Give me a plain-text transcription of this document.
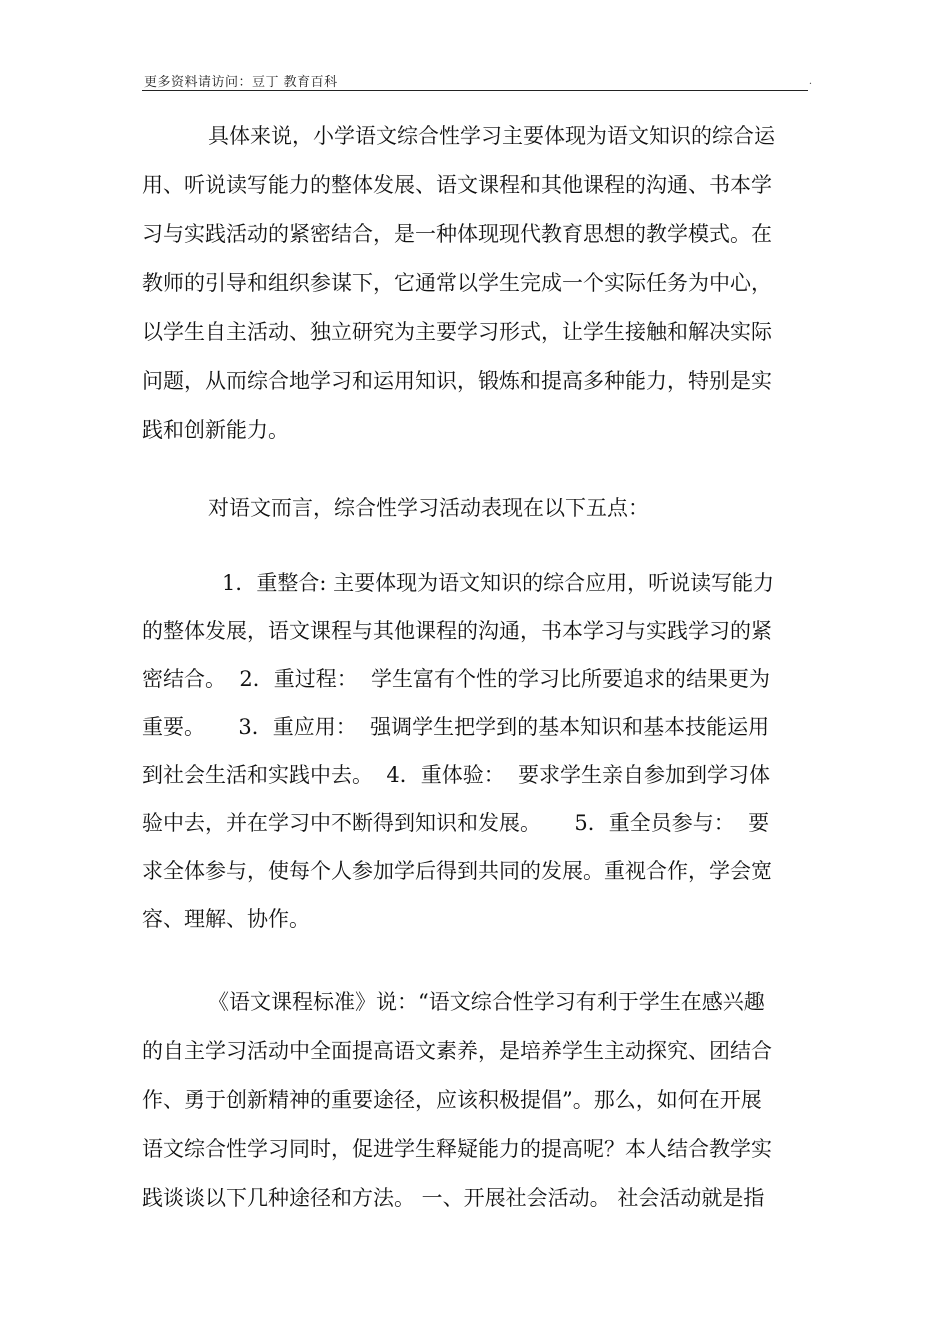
更多资料请访问：豆丁 教育百科	.
具体来说，小学语文综合性学习主要体现为语文知识的综合运
用、听说读写能力的整体发展、语文课程和其他课程的沟通、书本学
习与实践活动的紧密结合，是一种体现现代教育思想的教学模式。在
教师的引导和组织参谋下，它通常以学生完成一个实际任务为中心，
以学生自主活动、独立研究为主要学习形式，让学生接触和解决实际
问题，从而综合地学习和运用知识，锻炼和提高多种能力，特别是实
践和创新能力。
对语文而言，综合性学习活动表现在以下五点：
1．重整合: 主要体现为语文知识的综合应用，听说读写能力
的整体发展，语文课程与其他课程的沟通，书本学习与实践学习的紧
密结合。  2．重过程：  学生富有个性的学习比所要追求的结果更为
重要。     3．重应用：  强调学生把学到的基本知识和基本技能运用
到社会生活和实践中去。  4．重体验：  要求学生亲自参加到学习体
验中去，并在学习中不断得到知识和发展。     5．重全员参与：  要
求全体参与，使每个人参加学后得到共同的发展。重视合作，学会宽
容、理解、协作。
《语文课程标准》说：“语文综合性学习有利于学生在感兴趣
的自主学习活动中全面提高语文素养，是培养学生主动探究、团结合
作、勇于创新精神的重要途径，应该积极提倡”。那么，如何在开展
语文综合性学习同时，促进学生释疑能力的提高呢？本人结合教学实
践谈谈以下几种途径和方法。 一、开展社会活动。 社会活动就是指
